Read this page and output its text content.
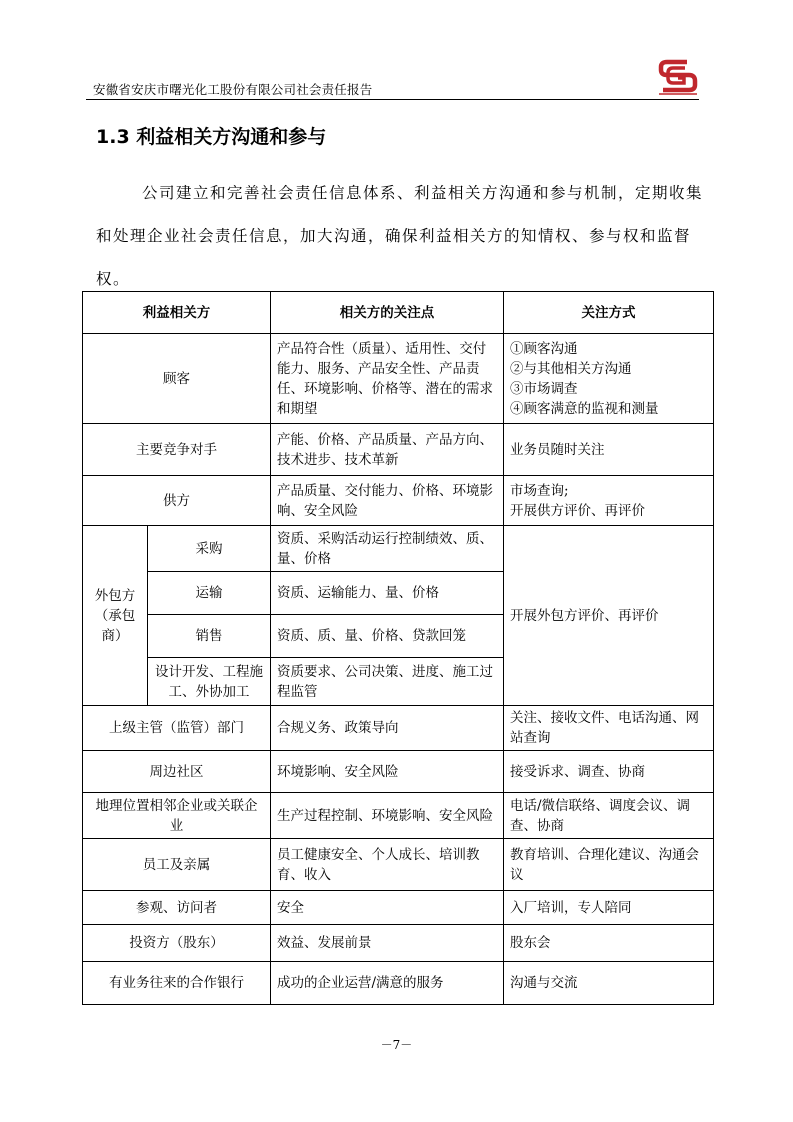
安徽省安庆市曙光化工股份有限公司社会责任报告
1.3 利益相关方沟通和参与

公司建立和完善社会责任信息体系、利益相关方沟通和参与机制，定期收集和处理企业社会责任信息，加大沟通，确保利益相关方的知情权、参与权和监督权。

利益相关方		相关方的关注点	关注方式
顾客		产品符合性（质量）、适用性、交付能力、服务、产品安全性、产品责任、环境影响、价格等、潜在的需求和期望	①顾客沟通
②与其他相关方沟通
③市场调查
④顾客满意的监视和测量

主要竞争对手		产能、价格、产品质量、产品方向、技术进步、技术革新	业务员随时关注
供方		产品质量、交付能力、价格、环境影响、安全风险	市场查询;
开展供方评价、再评价

外包方
（承包
商）	采购	资质、采购活动运行控制绩效、质、量、价格	开展外包方评价、再评价
	运输	资质、运输能力、量、价格	
	销售	资质、质、量、价格、贷款回笼	
	设计开发、工程施工、外协加工	资质要求、公司决策、进度、施工过程监管	
上级主管（监管）部门		合规义务、政策导向	关注、接收文件、电话沟通、网站查询
周边社区		环境影响、安全风险	接受诉求、调查、协商
地理位置相邻企业或关联企业		生产过程控制、环境影响、安全风险	电话/微信联络、调度会议、调查、协商
员工及亲属		员工健康安全、个人成长、培训教育、收入	教育培训、合理化建议、沟通会议
参观、访问者		安全	入厂培训，专人陪同
投资方（股东）		效益、发展前景	股东会
有业务往来的合作银行		成功的企业运营/满意的服务	沟通与交流
－7－
